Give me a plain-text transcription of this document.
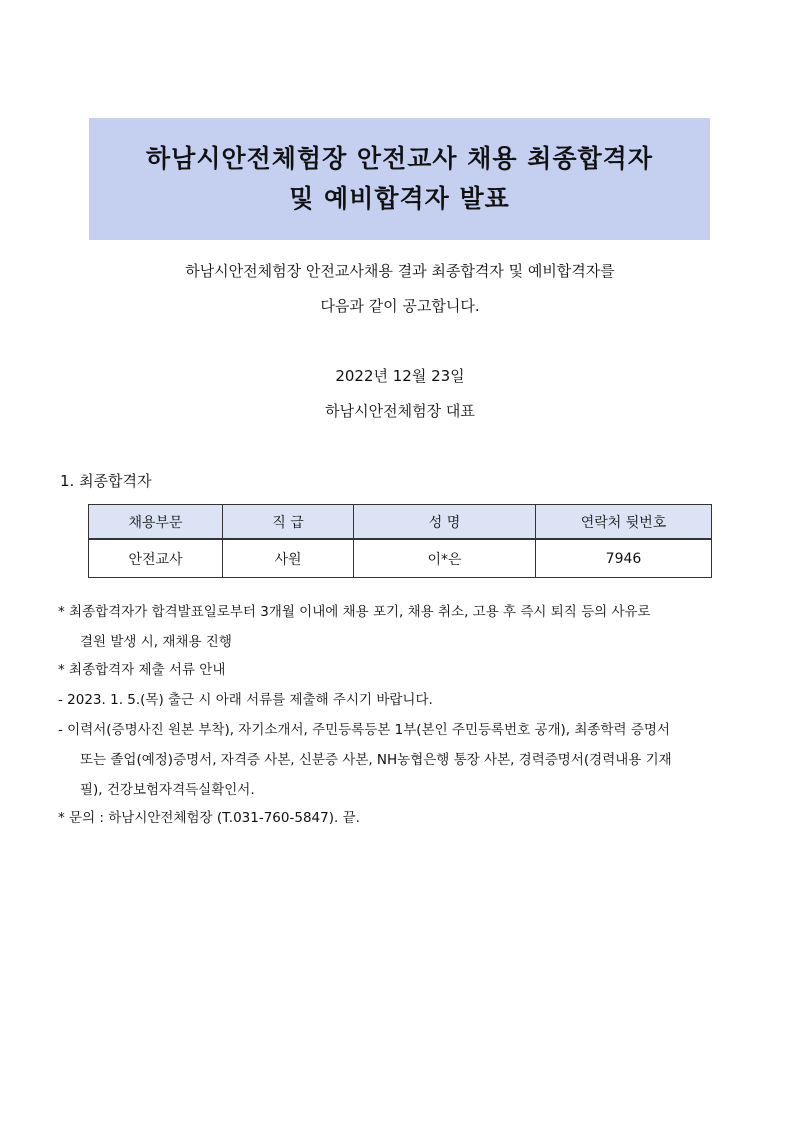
하남시안전체험장 안전교사 채용 최종합격자
및 예비합격자 발표
하남시안전체험장 안전교사채용 결과 최종합격자 및 예비합격자를
다음과 같이 공고합니다.
2022년 12월 23일
하남시안전체험장 대표
1. 최종합격자
채용부문	직 급	성 명	연락처 뒷번호
안전교사	사원	이*은	7946
* 최종합격자가 합격발표일로부터 3개월 이내에 채용 포기, 채용 취소, 고용 후 즉시 퇴직 등의 사유로
결원 발생 시, 재채용 진행
* 최종합격자 제출 서류 안내
- 2023. 1. 5.(목) 출근 시 아래 서류를 제출해 주시기 바랍니다.
- 이력서(증명사진 원본 부착), 자기소개서, 주민등록등본 1부(본인 주민등록번호 공개), 최종학력 증명서
또는 졸업(예정)증명서, 자격증 사본, 신분증 사본, NH농협은행 통장 사본, 경력증명서(경력내용 기재
필), 건강보험자격득실확인서.
* 문의 : 하남시안전체험장 (T.031-760-5847). 끝.
